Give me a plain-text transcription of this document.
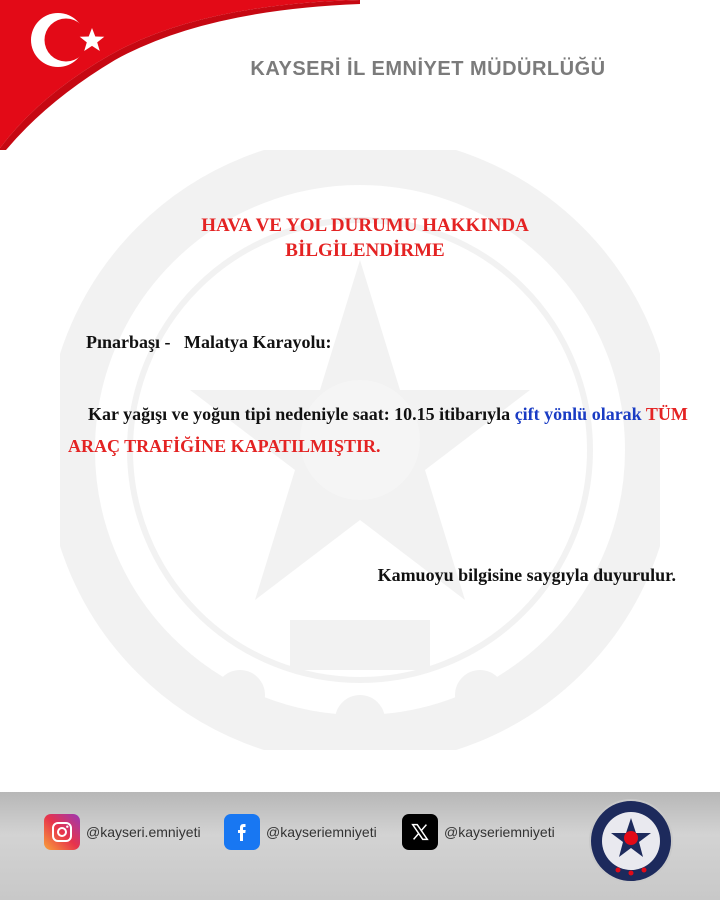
KAYSERİ İL EMNİYET MÜDÜRLÜĞÜ
HAVA VE YOL DURUMU HAKKINDA
BİLGİLENDİRME
Pınarbaşı -   Malatya Karayolu:
Kar yağışı ve yoğun tipi nedeniyle saat: 10.15 itibarıyla çift yönlü olarak TÜM ARAÇ TRAFİĞİNE KAPATILMIŞTIR.
Kamuoyu bilgisine saygıyla duyurulur.
@kayseri.emniyeti	@kayseriemniyeti	@kayseriemniyeti
